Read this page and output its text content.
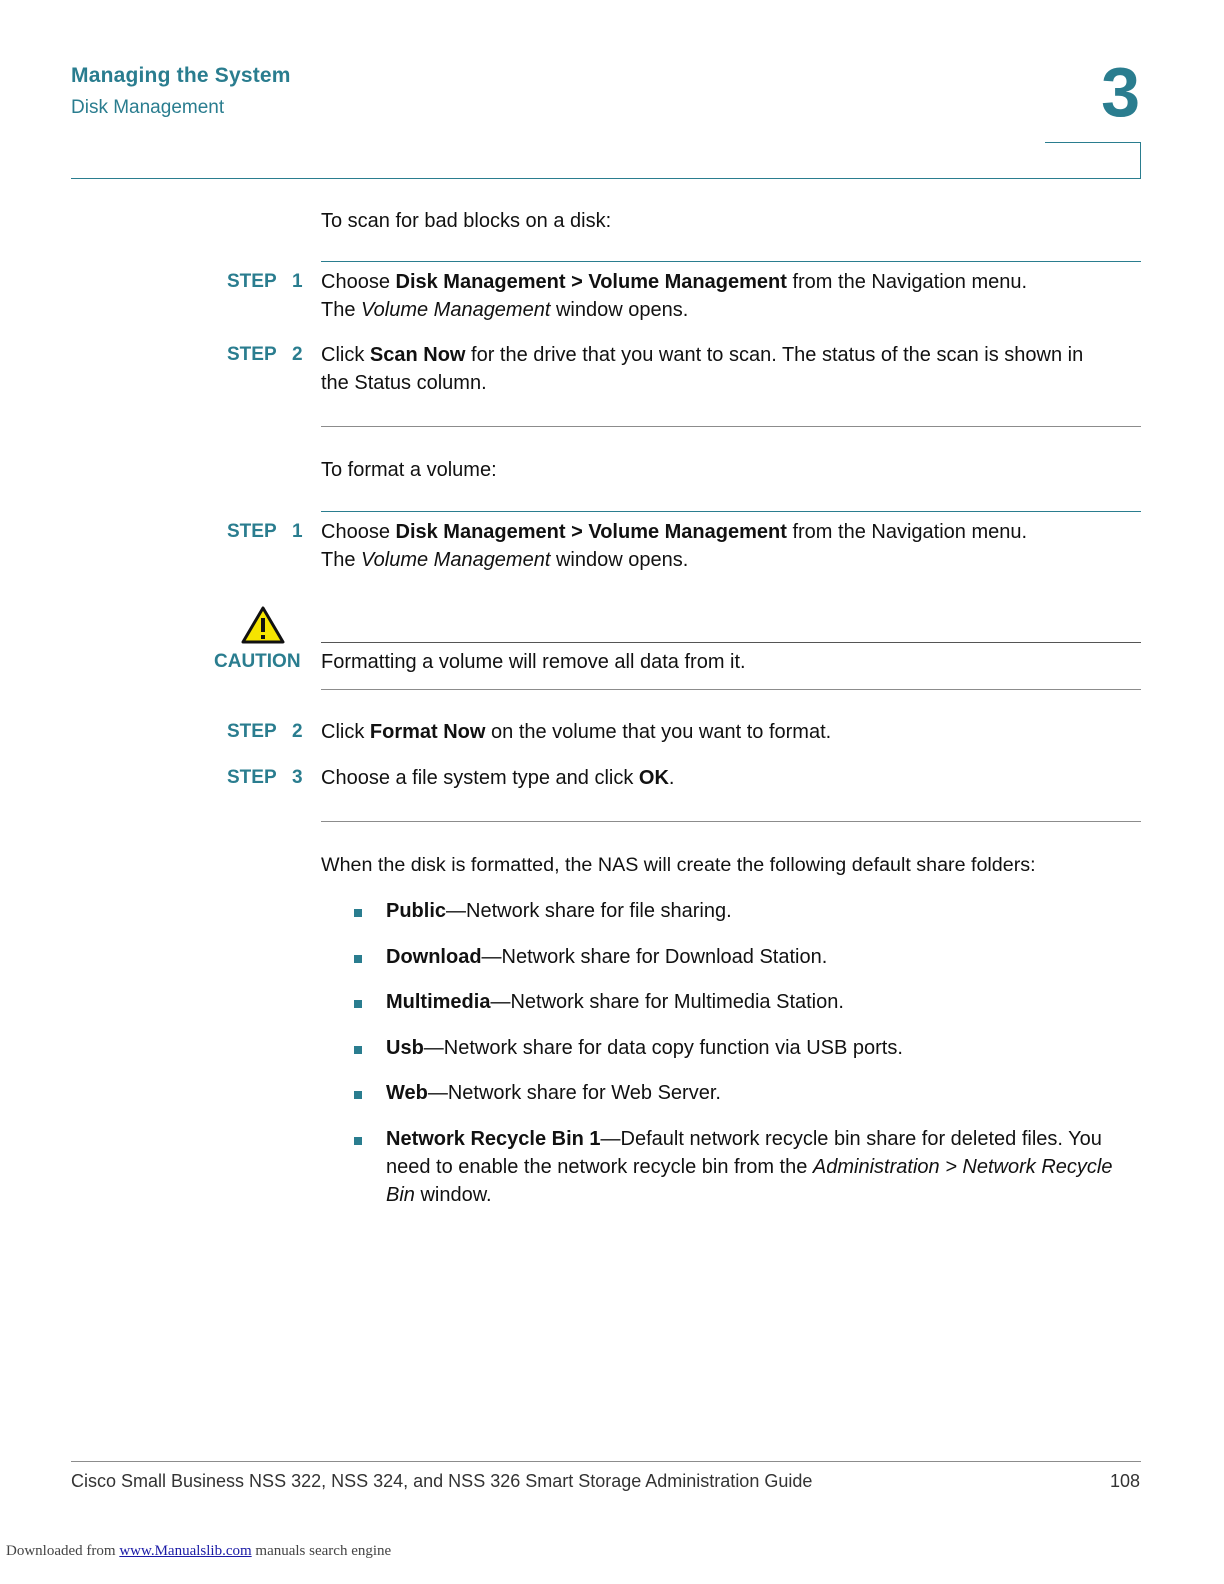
Managing the System
Disk Management	3
To scan for bad blocks on a disk:
STEP 1 Choose Disk Management > Volume Management from the Navigation menu.
The Volume Management window opens.
STEP 2 Click Scan Now for the drive that you want to scan. The status of the scan is shown in the Status column.
To format a volume:
STEP 1 Choose Disk Management > Volume Management from the Navigation menu.
The Volume Management window opens.
CAUTION Formatting a volume will remove all data from it.
STEP 2 Click Format Now on the volume that you want to format.
STEP 3 Choose a file system type and click OK.
When the disk is formatted, the NAS will create the following default share folders:
Public—Network share for file sharing.
Download—Network share for Download Station.
Multimedia—Network share for Multimedia Station.
Usb—Network share for data copy function via USB ports.
Web—Network share for Web Server.
Network Recycle Bin 1—Default network recycle bin share for deleted files. You need to enable the network recycle bin from the Administration > Network Recycle Bin window.
Cisco Small Business NSS 322, NSS 324, and NSS 326 Smart Storage Administration Guide	108
Downloaded from www.Manualslib.com manuals search engine
